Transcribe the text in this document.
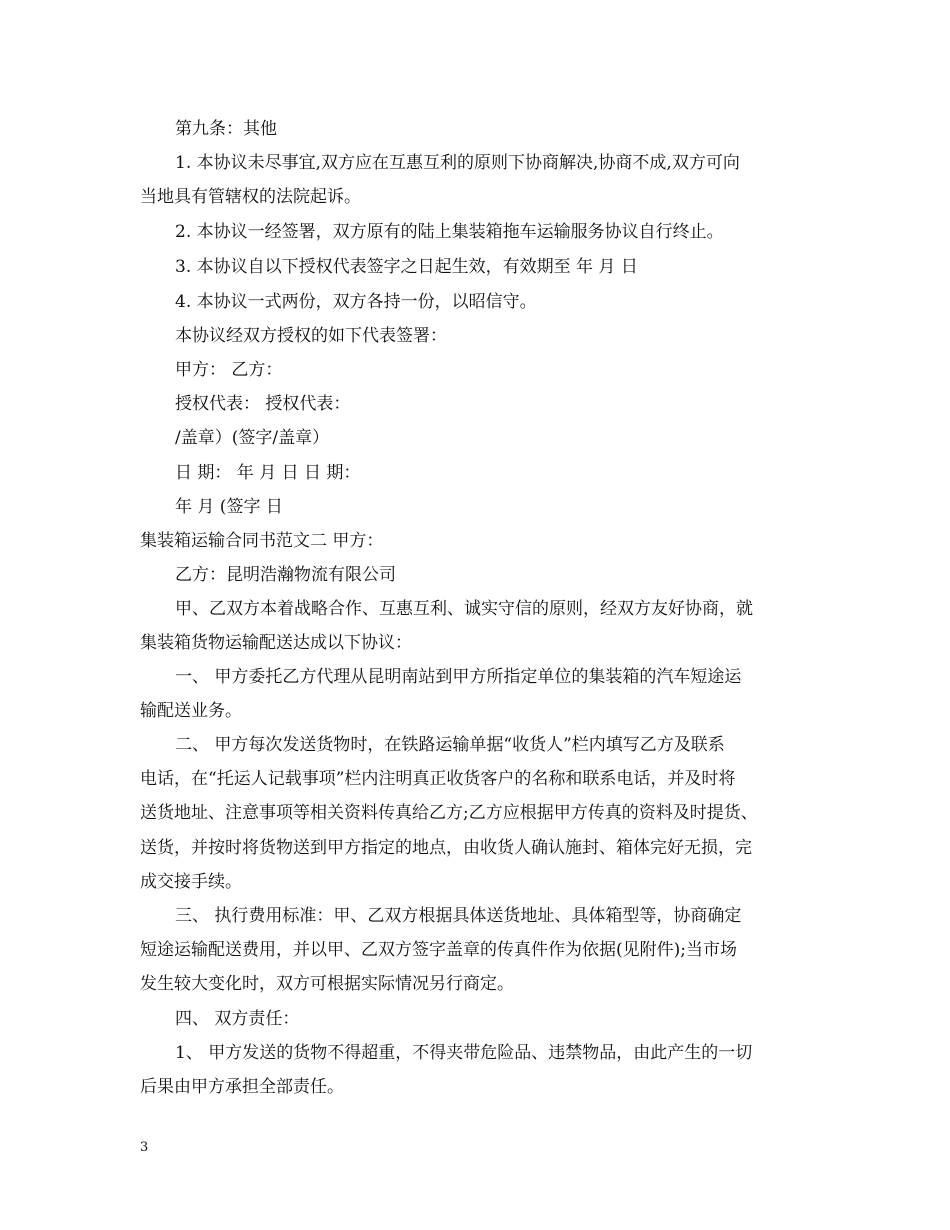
第九条：其他
1. 本协议未尽事宜,双方应在互惠互利的原则下协商解决,协商不成,双方可向
当地具有管辖权的法院起诉。
2. 本协议一经签署，双方原有的陆上集装箱拖车运输服务协议自行终止。
3. 本协议自以下授权代表签字之日起生效，有效期至 年 月 日
4. 本协议一式两份，双方各持一份，以昭信守。
本协议经双方授权的如下代表签署：
甲方： 乙方：
授权代表： 授权代表：
/盖章）(签字/盖章）
日 期： 年 月 日 日 期：
年 月 (签字 日
集装箱运输合同书范文二 甲方：
乙方：昆明浩瀚物流有限公司
甲、乙双方本着战略合作、互惠互利、诚实守信的原则，经双方友好协商，就
集装箱货物运输配送达成以下协议：
一、 甲方委托乙方代理从昆明南站到甲方所指定单位的集装箱的汽车短途运
输配送业务。
二、 甲方每次发送货物时，在铁路运输单据“收货人”栏内填写乙方及联系
电话，在“托运人记载事项”栏内注明真正收货客户的名称和联系电话，并及时将
送货地址、注意事项等相关资料传真给乙方;乙方应根据甲方传真的资料及时提货、
送货，并按时将货物送到甲方指定的地点，由收货人确认施封、箱体完好无损，完
成交接手续。
三、 执行费用标准：甲、乙双方根据具体送货地址、具体箱型等，协商确定
短途运输配送费用，并以甲、乙双方签字盖章的传真件作为依据(见附件);当市场
发生较大变化时，双方可根据实际情况另行商定。
四、 双方责任：
1、 甲方发送的货物不得超重，不得夹带危险品、违禁物品，由此产生的一切
后果由甲方承担全部责任。
3
